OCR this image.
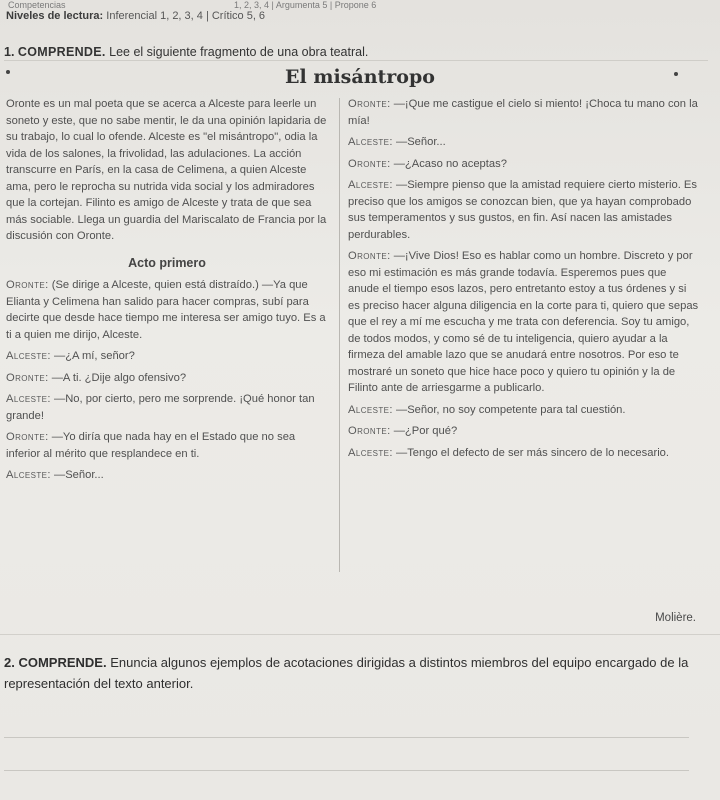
Competencias	1, 2, 3, 4 | Argumenta 5 | Propone 6
Niveles de lectura: Inferencial 1, 2, 3, 4 | Crítico 5, 6
1. COMPRENDE. Lee el siguiente fragmento de una obra teatral.
El misántropo

Oronte es un mal poeta que se acerca a Alceste para leerle un soneto y este, que no sabe mentir, le da una opinión lapidaria de su trabajo, lo cual lo ofende. Alceste es "el misántropo", odia la vida de los salones, la frivolidad, las adulaciones. La acción transcurre en París, en la casa de Celimena, a quien Alceste ama, pero le reprocha su nutrida vida social y los admiradores que la cortejan. Filinto es amigo de Alceste y trata de que sea más sociable. Llega un guardia del Mariscalato de Francia por la discusión con Oronte.

Acto primero

Oronte: (Se dirige a Alceste, quien está distraído.) —Ya que Elianta y Celimena han salido para hacer compras, subí para decirte que desde hace tiempo me interesa ser amigo tuyo. Es a ti a quien me dirijo, Alceste.

Alceste: —¿A mí, señor?

Oronte: —A ti. ¿Dije algo ofensivo?

Alceste: —No, por cierto, pero me sorprende. ¡Qué honor tan grande!

Oronte: —Yo diría que nada hay en el Estado que no sea inferior al mérito que resplandece en ti.

Alceste: —Señor...

Oronte: —¡Que me castigue el cielo si miento! ¡Choca tu mano con la mía!

Alceste: —Señor...

Oronte: —¿Acaso no aceptas?

Alceste: —Siempre pienso que la amistad requiere cierto misterio. Es preciso que los amigos se conozcan bien, que ya hayan comprobado sus temperamentos y sus gustos, en fin. Así nacen las amistades perdurables.

Oronte: —¡Vive Dios! Eso es hablar como un hombre. Discreto y por eso mi estimación es más grande todavía. Esperemos pues que anude el tiempo esos lazos, pero entretanto estoy a tus órdenes y si es preciso hacer alguna diligencia en la corte para ti, quiero que sepas que el rey a mí me escucha y me trata con deferencia. Soy tu amigo, de todos modos, y como sé de tu inteligencia, quiero ayudar a la firmeza del amable lazo que se anudará entre nosotros. Por eso te mostraré un soneto que hice hace poco y quiero tu opinión y la de Filinto ante de arriesgarme a publicarlo.

Alceste: —Señor, no soy competente para tal cuestión.

Oronte: —¿Por qué?

Alceste: —Tengo el defecto de ser más sincero de lo necesario.

Molière.
2. COMPRENDE. Enuncia algunos ejemplos de acotaciones dirigidas a distintos miembros del equipo encargado de la representación del texto anterior.
